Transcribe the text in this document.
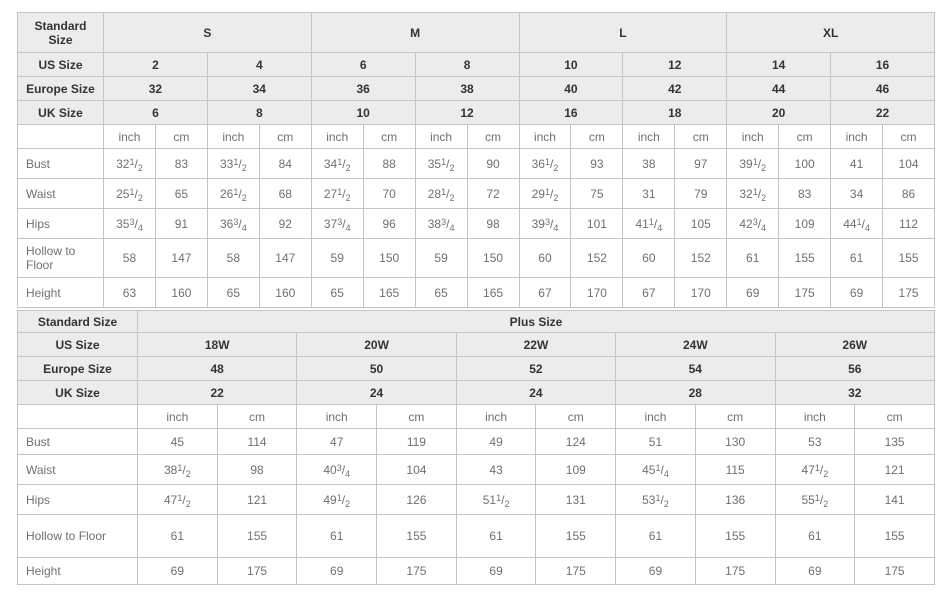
Standard Size	S				M				L				XL			
US Size	2		4		6		8		10		12		14		16	
Europe Size	32		34		36		38		40		42		44		46	
UK Size	6		8		10		12		16		18		20		22	
	inch	cm	inch	cm	inch	cm	inch	cm	inch	cm	inch	cm	inch	cm	inch	cm
Bust	$32^1/_2$	83	$33^1/_2$	84	$34^1/_2$	88	$35^1/_2$	90	$36^1/_2$	93	38	97	$39^1/_2$	100	41	104
Waist	$25^1/_2$	65	$26^1/_2$	68	$27^1/_2$	70	$28^1/_2$	72	$29^1/_2$	75	31	79	$32^1/_2$	83	34	86
Hips	$35^3/_4$	91	$36^3/_4$	92	$37^3/_4$	96	$38^3/_4$	98	$39^3/_4$	101	$41^1/_4$	105	$42^3/_4$	109	$44^1/_4$	112
Hollow to Floor	58	147	58	147	59	150	59	150	60	152	60	152	61	155	61	155
Height	63	160	65	160	65	165	65	165	67	170	67	170	69	175	69	175
Standard Size	Plus Size									
US Size	18W		20W		22W		24W		26W	
Europe Size	48		50		52		54		56	
UK Size	22		24		24		28		32	
	inch	cm	inch	cm	inch	cm	inch	cm	inch	cm
Bust	45	114	47	119	49	124	51	130	53	135
Waist	$38^1/_2$	98	$40^3/_4$	104	43	109	$45^1/_4$	115	$47^1/_2$	121
Hips	$47^1/_2$	121	$49^1/_2$	126	$51^1/_2$	131	$53^1/_2$	136	$55^1/_2$	141
Hollow to Floor	61	155	61	155	61	155	61	155	61	155
Height	69	175	69	175	69	175	69	175	69	175
